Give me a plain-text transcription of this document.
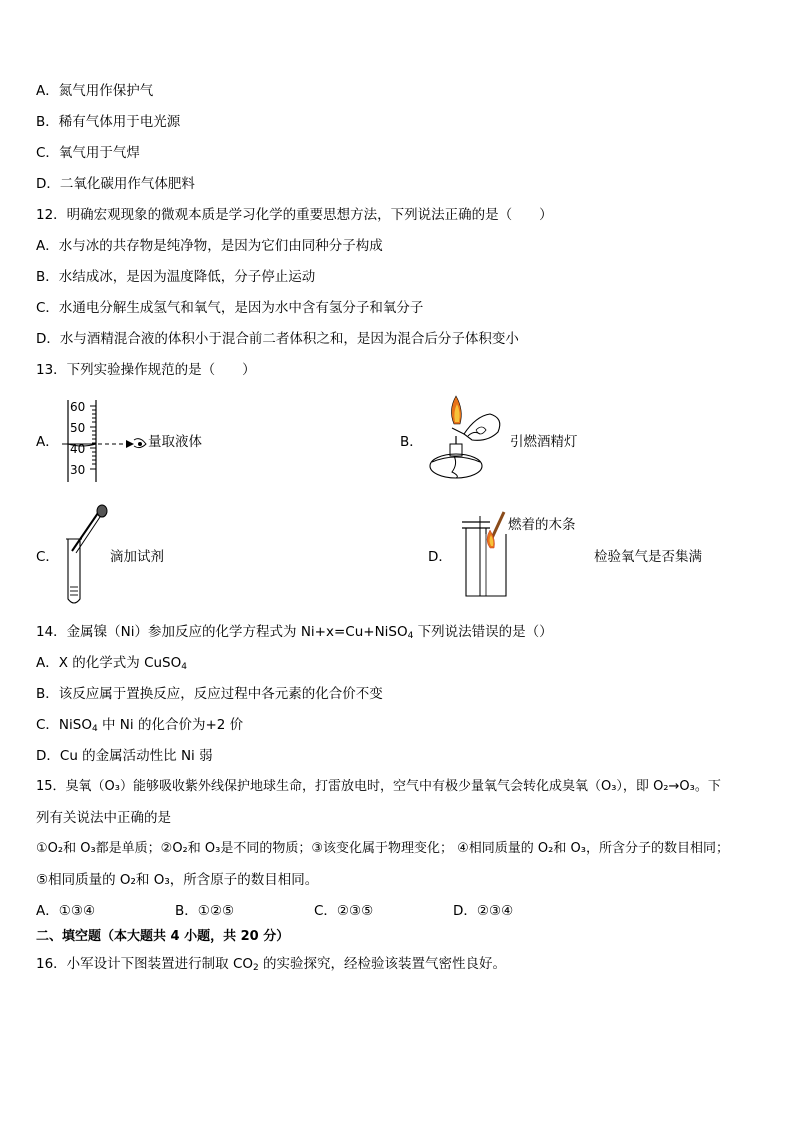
A．氮气用作保护气
B．稀有气体用于电光源
C．氧气用于气焊
D．二氧化碳用作气体肥料
12．明确宏观现象的微观本质是学习化学的重要思想方法，下列说法正确的是（　　）
A．水与冰的共存物是纯净物，是因为它们由同种分子构成
B．水结成冰，是因为温度降低，分子停止运动
C．水通电分解生成氢气和氧气，是因为水中含有氢分子和氧分子
D．水与酒精混合液的体积小于混合前二者体积之和，是因为混合后分子体积变小
13．下列实验操作规范的是（　　）
A．
60
50
40
30
量取液体	B．	引燃酒精灯
C．	滴加试剂	D．
燃着的木条
检验氧气是否集满
14．金属镍（Ni）参加反应的化学方程式为 Ni+x=Cu+NiSO$_4$ 下列说法错误的是（）
A．X 的化学式为 CuSO$_4$
B．该反应属于置换反应，反应过程中各元素的化合价不变
C．NiSO$_4$ 中 Ni 的化合价为+2 价
D．Cu 的金属活动性比 Ni 弱
15．臭氧（O₃）能够吸收紫外线保护地球生命，打雷放电时，空气中有极少量氧气会转化成臭氧（O₃），即 O₂→O₃。下
列有关说法中正确的是
①O₂和 O₃都是单质；②O₂和 O₃是不同的物质；③该变化属于物理变化； ④相同质量的 O₂和 O₃，所含分子的数目相同；
⑤相同质量的 O₂和 O₃，所含原子的数目相同。
A．①③④	B．①②⑤	C．②③⑤	D．②③④
二、填空题（本大题共 4 小题，共 20 分）
16．小军设计下图装置进行制取 $CO_2$ 的实验探究，经检验该装置气密性良好。
